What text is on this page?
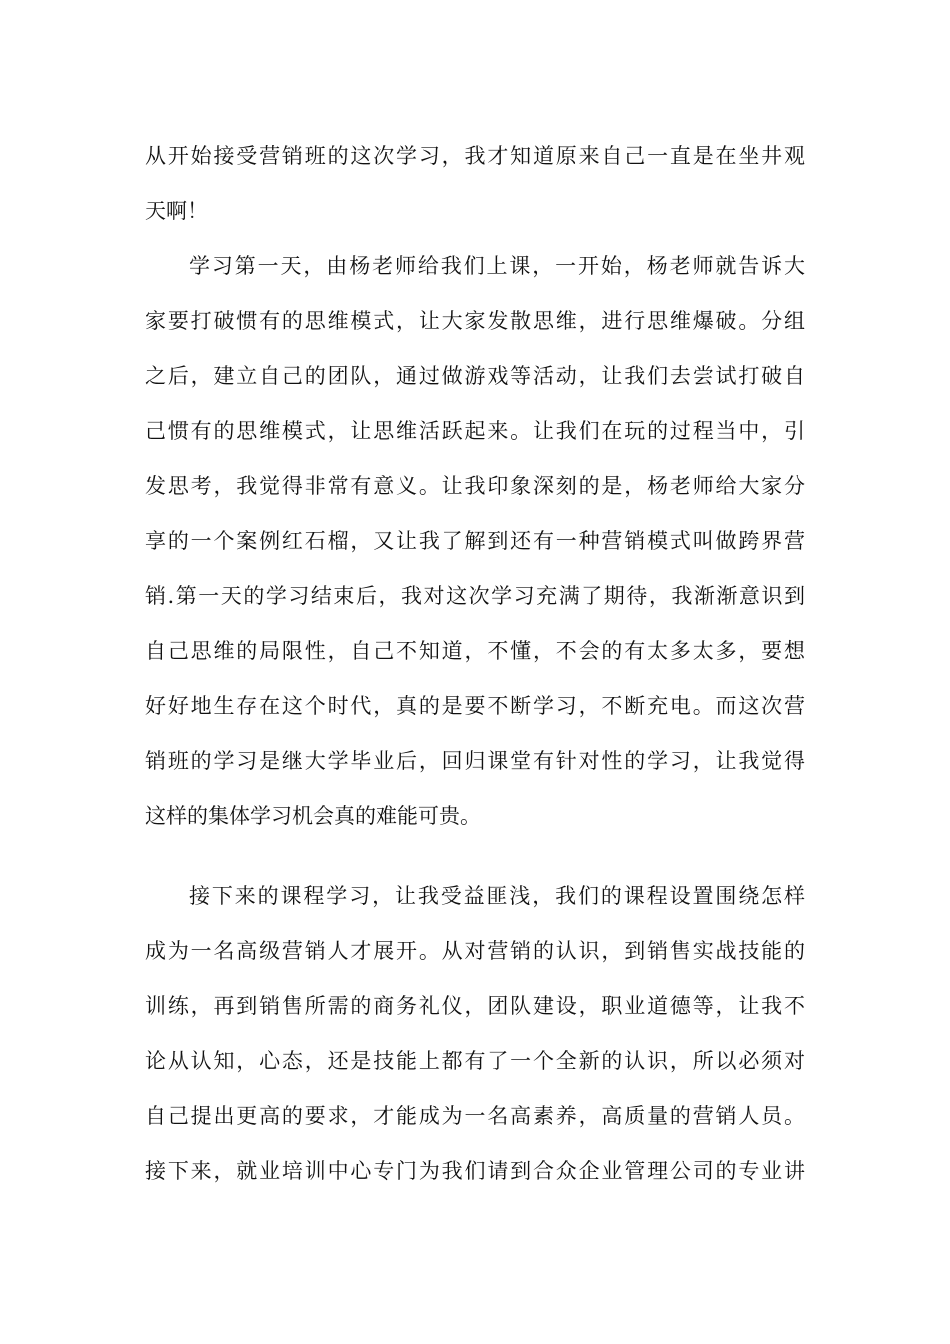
从开始接受营销班的这次学习，我才知道原来自己一直是在坐井观
天啊！
学习第一天，由杨老师给我们上课，一开始，杨老师就告诉大
家要打破惯有的思维模式，让大家发散思维，进行思维爆破。分组
之后，建立自己的团队，通过做游戏等活动，让我们去尝试打破自
己惯有的思维模式，让思维活跃起来。让我们在玩的过程当中，引
发思考，我觉得非常有意义。让我印象深刻的是，杨老师给大家分
享的一个案例红石榴，又让我了解到还有一种营销模式叫做跨界营
销.第一天的学习结束后，我对这次学习充满了期待，我渐渐意识到
自己思维的局限性，自己不知道，不懂，不会的有太多太多，要想
好好地生存在这个时代，真的是要不断学习，不断充电。而这次营
销班的学习是继大学毕业后，回归课堂有针对性的学习，让我觉得
这样的集体学习机会真的难能可贵。
接下来的课程学习，让我受益匪浅，我们的课程设置围绕怎样
成为一名高级营销人才展开。从对营销的认识，到销售实战技能的
训练，再到销售所需的商务礼仪，团队建设，职业道德等，让我不
论从认知，心态，还是技能上都有了一个全新的认识，所以必须对
自己提出更高的要求，才能成为一名高素养，高质量的营销人员。
接下来，就业培训中心专门为我们请到合众企业管理公司的专业讲
